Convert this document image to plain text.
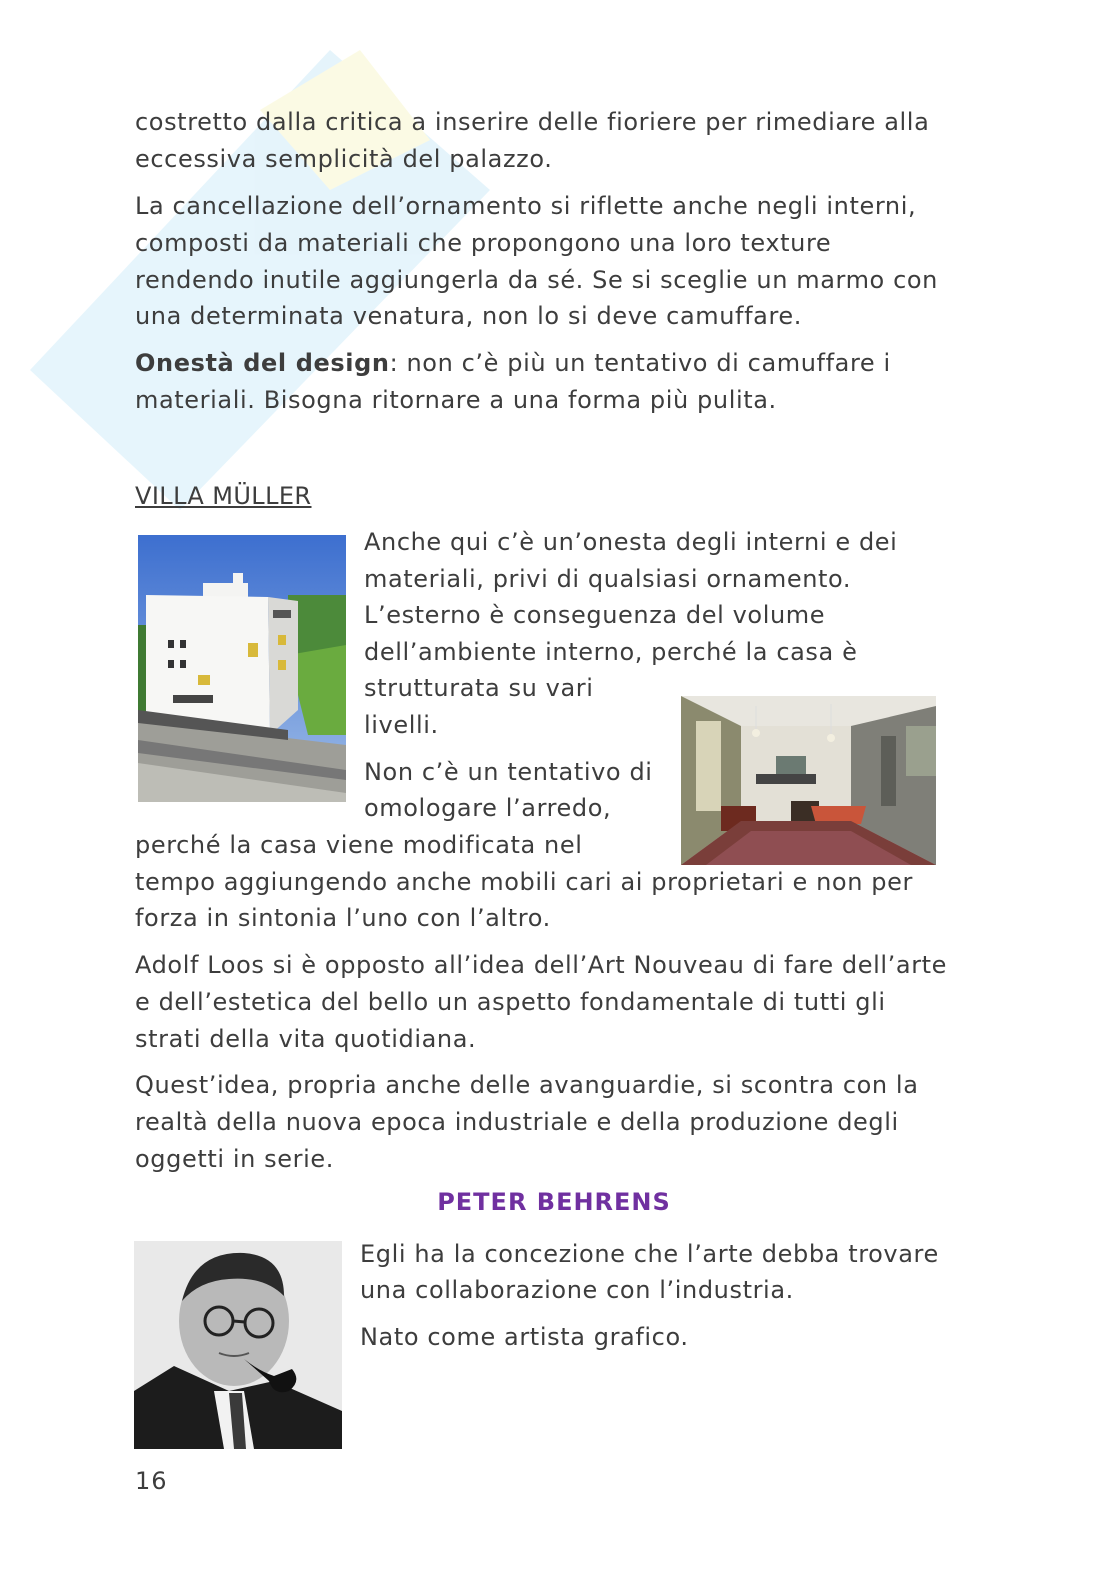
costretto dalla critica a inserire delle fioriere per rimediare alla

eccessiva semplicità del palazzo.

La cancellazione dell’ornamento si riflette anche negli interni,

composti da materiali che propongono una loro texture

rendendo inutile aggiungerla da sé. Se si sceglie un marmo con

una determinata venatura, non lo si deve camuffare.

Onestà del design: non c’è più un tentativo di camuffare i

materiali. Bisogna ritornare a una forma più pulita.

VILLA MÜLLER

Anche qui c’è un’onesta degli interni e dei

materiali, privi di qualsiasi ornamento.

L’esterno è conseguenza del volume

dell’ambiente interno, perché la casa è

strutturata su vari

livelli.

Non c’è un tentativo di

omologare l’arredo,

perché la casa viene modificata nel

tempo aggiungendo anche mobili cari ai proprietari e non per

forza in sintonia l’uno con l’altro.

Adolf Loos si è opposto all’idea dell’Art Nouveau di fare dell’arte

e dell’estetica del bello un aspetto fondamentale di tutti gli

strati della vita quotidiana.

Quest’idea, propria anche delle avanguardie, si scontra con la

realtà della nuova epoca industriale e della produzione degli

oggetti in serie.

PETER BEHRENS

Egli ha la concezione che l’arte debba trovare

una collaborazione con l’industria.

Nato come artista grafico.

16
